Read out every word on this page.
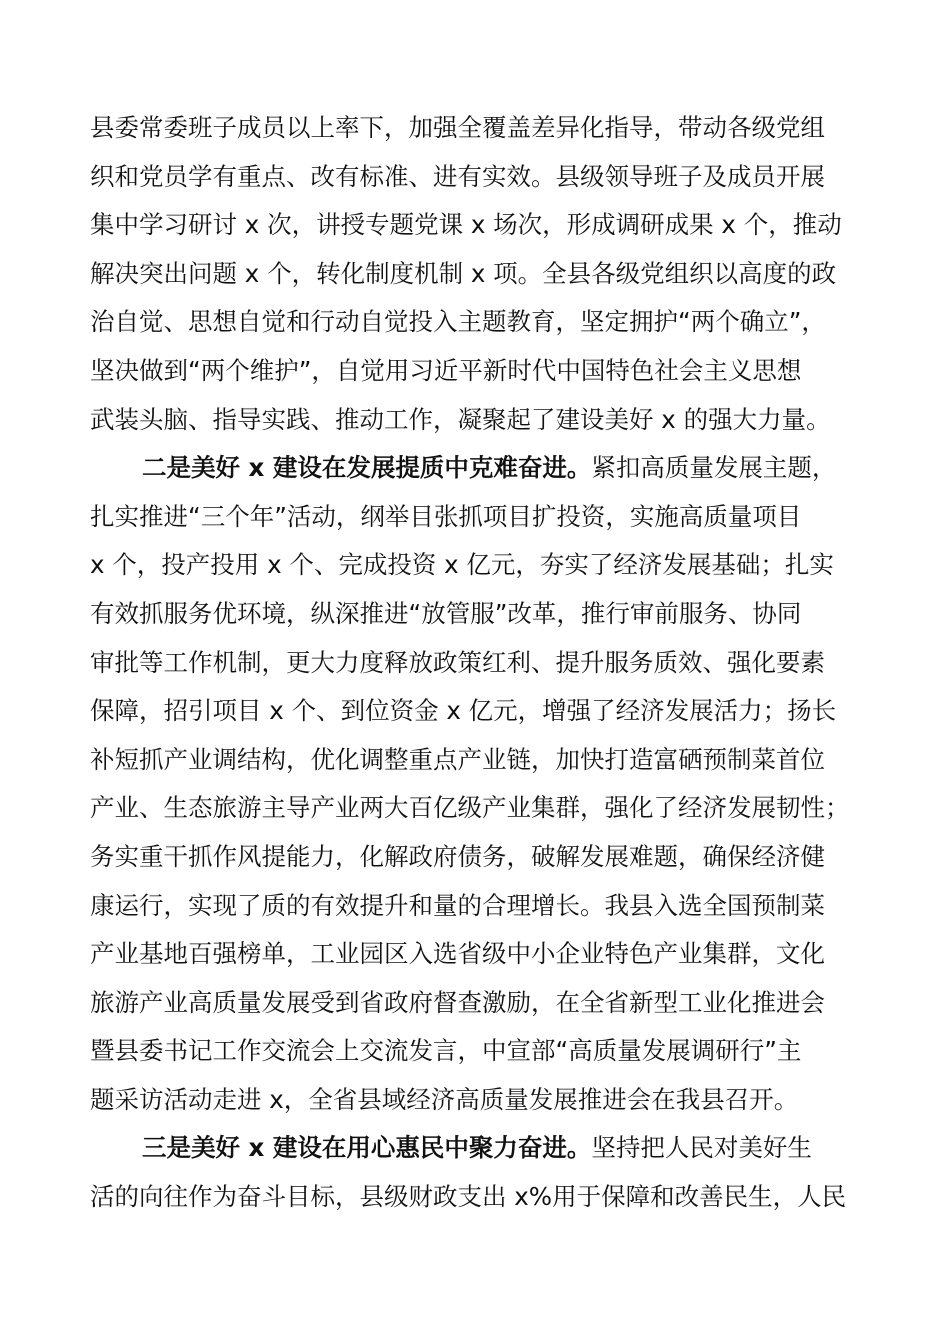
县委常委班子成员以上率下，加强全覆盖差异化指导，带动各级党组
织和党员学有重点、改有标准、进有实效。县级领导班子及成员开展
集中学习研讨 x 次，讲授专题党课 x 场次，形成调研成果 x 个，推动
解决突出问题 x 个，转化制度机制 x 项。全县各级党组织以高度的政
治自觉、思想自觉和行动自觉投入主题教育，坚定拥护“两个确立”，
坚决做到“两个维护”，自觉用习近平新时代中国特色社会主义思想
武装头脑、指导实践、推动工作，凝聚起了建设美好 x 的强大力量。
二是美好 x 建设在发展提质中克难奋进。紧扣高质量发展主题，
扎实推进“三个年”活动，纲举目张抓项目扩投资，实施高质量项目
x 个，投产投用 x 个、完成投资 x 亿元，夯实了经济发展基础；扎实
有效抓服务优环境，纵深推进“放管服”改革，推行审前服务、协同
审批等工作机制，更大力度释放政策红利、提升服务质效、强化要素
保障，招引项目 x 个、到位资金 x 亿元，增强了经济发展活力；扬长
补短抓产业调结构，优化调整重点产业链，加快打造富硒预制菜首位
产业、生态旅游主导产业两大百亿级产业集群，强化了经济发展韧性；
务实重干抓作风提能力，化解政府债务，破解发展难题，确保经济健
康运行，实现了质的有效提升和量的合理增长。我县入选全国预制菜
产业基地百强榜单，工业园区入选省级中小企业特色产业集群，文化
旅游产业高质量发展受到省政府督查激励，在全省新型工业化推进会
暨县委书记工作交流会上交流发言，中宣部“高质量发展调研行”主
题采访活动走进 x，全省县域经济高质量发展推进会在我县召开。
三是美好 x 建设在用心惠民中聚力奋进。坚持把人民对美好生
活的向往作为奋斗目标，县级财政支出 x%用于保障和改善民生，人民
